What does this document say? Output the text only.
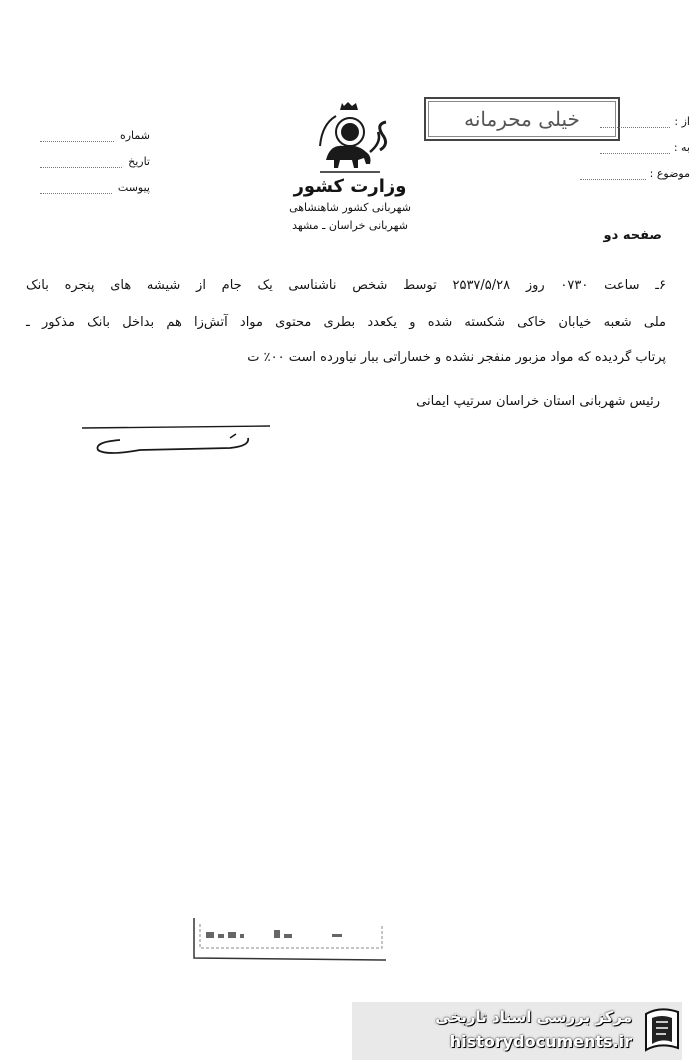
شماره
تاریخ
پیوست
خیلی محرمانه	از :
به :
موضوع :
وزارت کشور
شهربانی کشور شاهنشاهی
شهربانی خراسان ـ مشهد
صفحه دو
۶ـ ساعت ۰۷۳۰ روز ۲۵۳۷/۵/۲۸ توسط شخص ناشناسی یک جام از شیشه های پنجره بانک
ملی شعبه خیابان خاکی شکسته شده و یکعدد بطری محتوی مواد آتش‌زا هم بداخل بانک مذکور ـ
پرتاب گردیده که مواد مزبور منفجر نشده و خساراتی ببار نیاورده است ۰۰٪ ت
رئیس شهربانی استان خراسان سرتیپ ایمانی
مرکز بررسی اسناد تاریخی
historydocuments.ir
